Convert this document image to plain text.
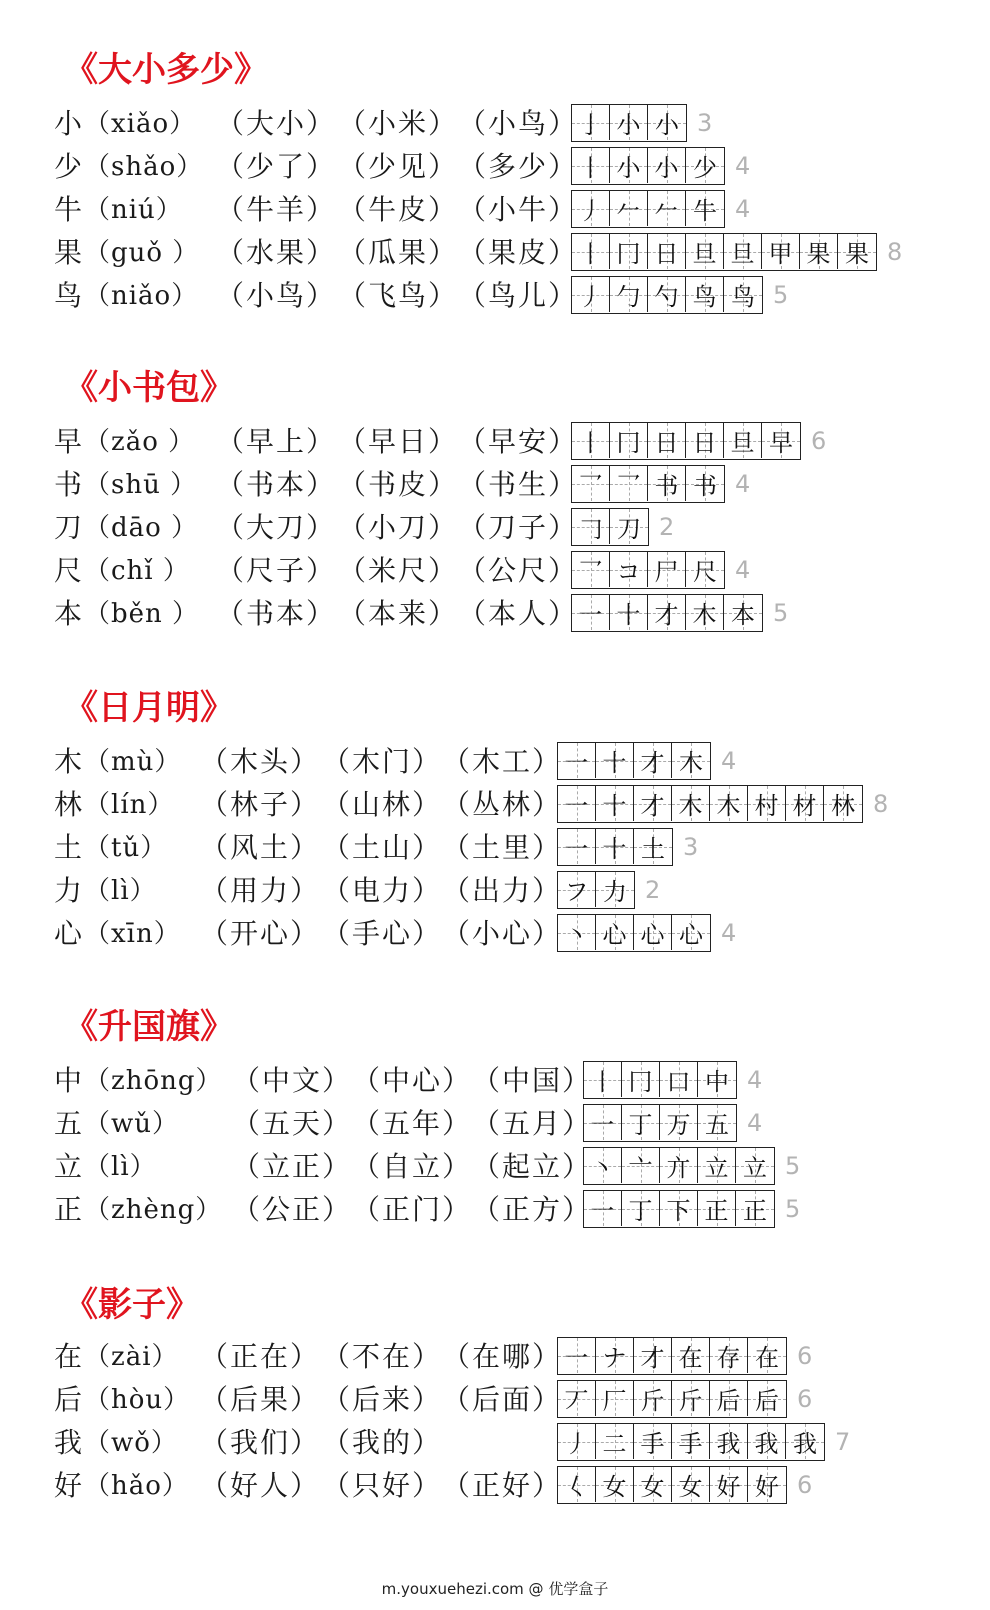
《大小多少》
小 （xiǎo） （大小） （小米） （小鸟） 亅 小 小 3
少 （shǎo） （少了） （少见） （多少） 丨 小 小 少 4
牛 （niú） （牛羊） （牛皮） （小牛） 丿 𠂉 𠂉 牛 4
果 （guǒ ） （水果） （瓜果） （果皮） 丨 冂 日 旦 旦 甲 果 果 8
鸟 （niǎo） （小鸟） （飞鸟） （鸟儿） 丿 勹 勺 鸟 鸟 5
《小书包》
早 （zǎo ） （早上） （早日） （早安） 丨 冂 日 日 旦 早 6
书 （shū ） （书本） （书皮） （书生） 乛 乛 书 书 4
刀 （dāo ） （大刀） （小刀） （刀子） 𠃌 刀 2
尺 （chǐ ） （尺子） （米尺） （公尺） 乛 コ 尸 尺 4
本 （běn ） （书本） （本来） （本人） 一 十 才 木 本 5
《日月明》
木 （mù） （木头） （木门） （木工） 一 十 才 木 4
林 （lín） （林子） （山林） （丛林） 一 十 才 木 木 村 材 林 8
土 （tǔ） （风土） （土山） （土里） 一 十 土 3
力 （lì） （用力） （电力） （出力） フ 力 2
心 （xīn） （开心） （手心） （小心） 丶 心 心 心 4
《升国旗》
中 （zhōng） （中文） （中心） （中国）
丨 冂 口 中 4
五 （wǔ） （五天） （五年） （五月）
一 丁 万 五 4
立 （lì）	（立正） （自立） （起立）
丶 亠 亣 立 立 5
正 （zhèng） （公正） （正门） （正方）
一 丁 下 正 正 5
《影子》
在 （zài） （正在） （不在） （在哪） 一 ナ 才 在 存 在 6
后 （hòu） （后果） （后来） （后面） 丆 厂 斤 斤 后 后 6
我 （wǒ） （我们） （我的）	丿 二 手 手 我 我 我 7
好 （hǎo） （好人） （只好） （正好） 𡿨 女 女 女 好 好 6
m.youxuehezi.com @ 优学盒子
